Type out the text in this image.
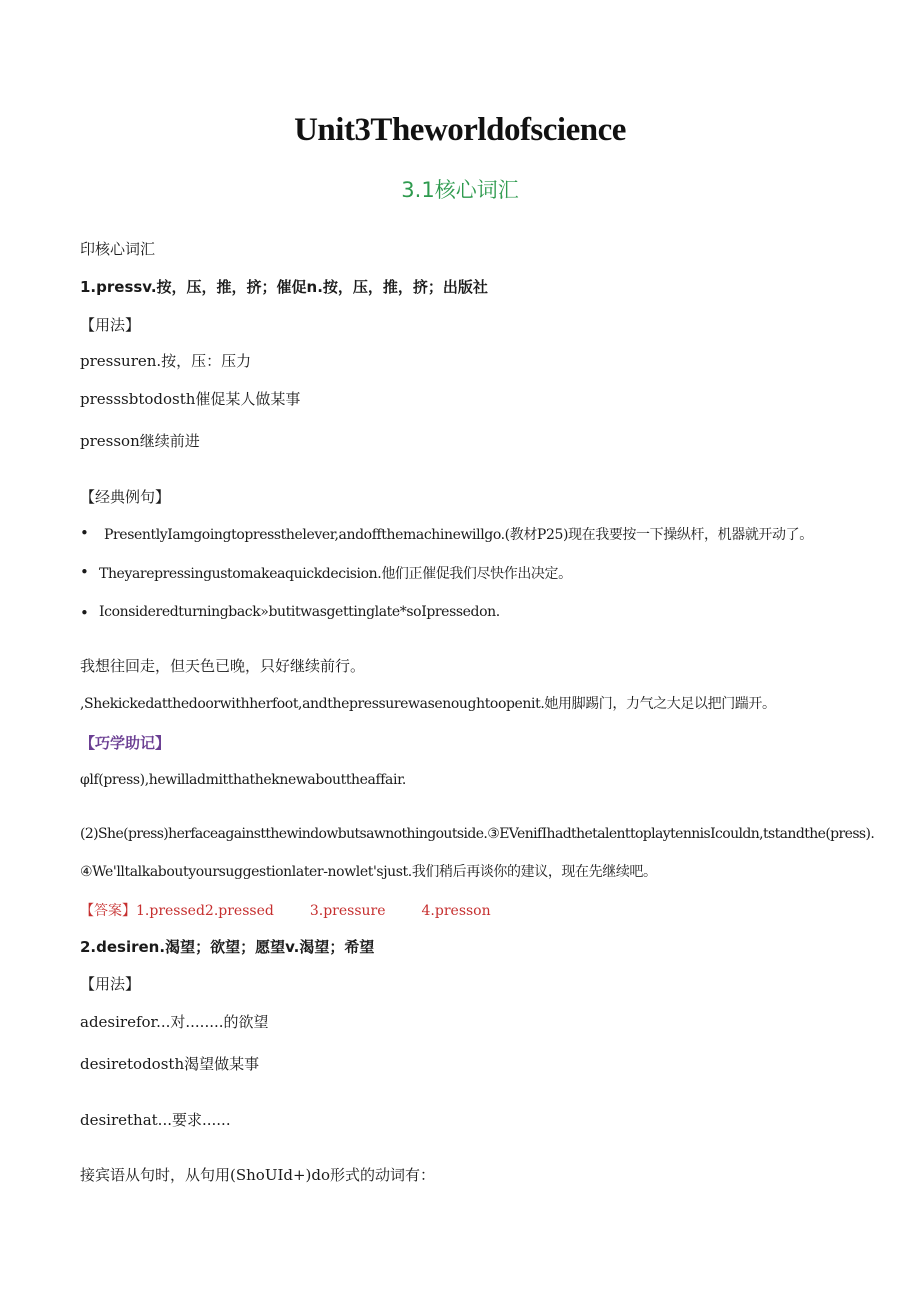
Unit3Theworldofscience
3.1核心词汇
印核心词汇
1.pressv.按，压，推，挤；催促n.按，压，推，挤；出版社
【用法】
pressuren.按，压：压力
presssbtodosth催促某人做某事
presson继续前进
【经典例句】
• PresentlyIamgoingtopressthelever,andoffthemachinewillgo.(教材P25)现在我要按一下操纵杆，机器就开动了。
• Theyarepressingustomakeaquickdecision.他们正催促我们尽快作出决定。
• Iconsideredturningback»butitwasgettinglate*soIpressedon.
我想往回走，但天色已晚，只好继续前行。
,Shekickedatthedoorwithherfoot,andthepressurewasenoughtoopenit.她用脚踢门，力气之大足以把门踹开。
【巧学助记】
φlf(press),hewilladmitthatheknewabouttheaffair.
(2)She(press)herfaceagainstthewindowbutsawnothingoutside.③EVenifIhadthetalenttoplaytennisIcouldn,tstandthe(press).
④We'lltalkaboutyoursuggestionlater-nowlet'sjust.我们稍后再谈你的建议，现在先继续吧。
【答案】1.pressed2.pressed	3.pressure	4.presson
2.desiren.渴望；欲望；愿望v.渴望；希望
【用法】
adesirefor...对........的欲望
desiretodosth渴望做某事
desirethat...要求......
接宾语从句时，从句用(ShoUId+)do形式的动词有：
